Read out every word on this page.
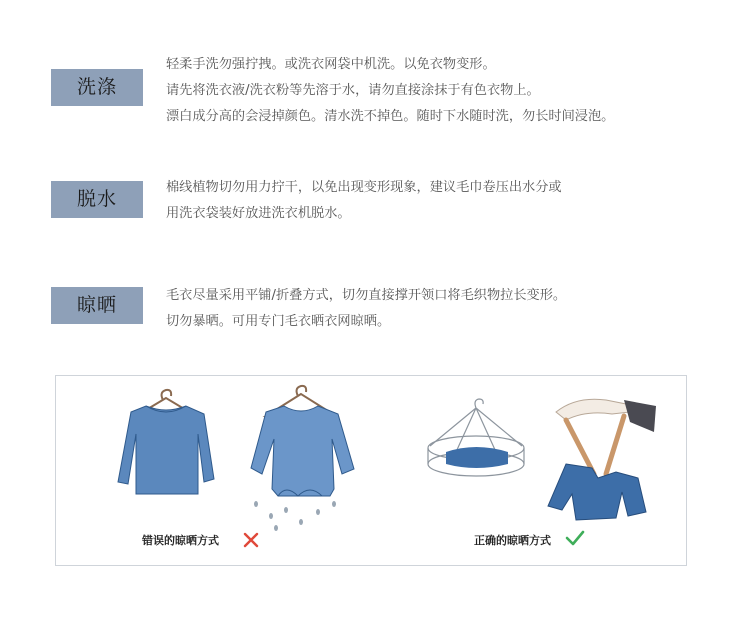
洗涤
轻柔手洗勿强拧拽。或洗衣网袋中机洗。以免衣物变形。
请先将洗衣液/洗衣粉等先溶于水，请勿直接涂抹于有色衣物上。
漂白成分高的会浸掉颜色。清水洗不掉色。随时下水随时洗，勿长时间浸泡。
脱水
棉线植物切勿用力拧干，以免出现变形现象，建议毛巾卷压出水分或
用洗衣袋装好放进洗衣机脱水。
晾晒	毛衣尽量采用平铺/折叠方式，切勿直接撑开领口将毛织物拉长变形。
切勿暴晒。可用专门毛衣晒衣网晾晒。
错误的晾晒方式	正确的晾晒方式
